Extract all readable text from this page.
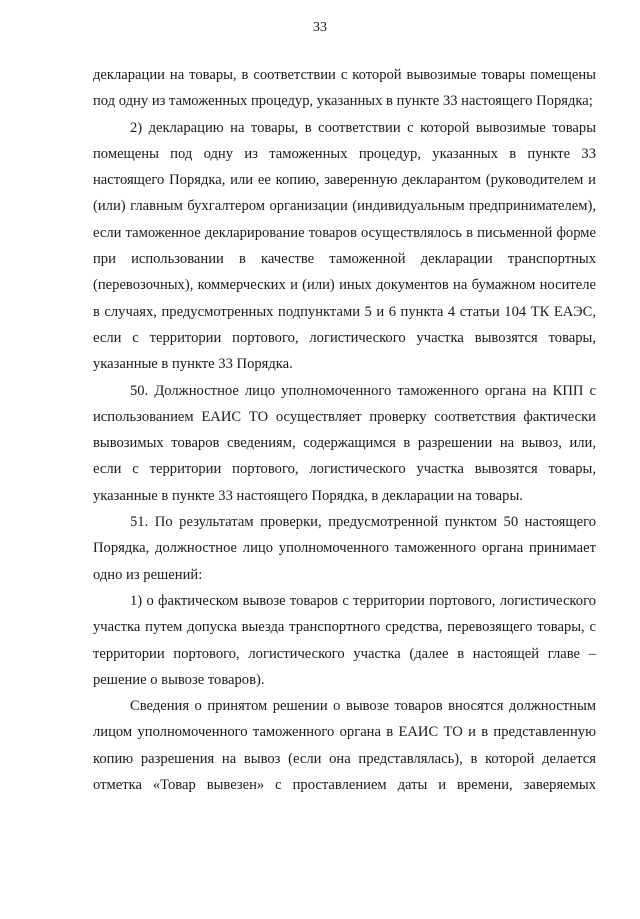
33

декларации на товары, в соответствии с которой вывозимые товары помещены под одну из таможенных процедур, указанных в пункте 33 настоящего Порядка;

2) декларацию на товары, в соответствии с которой вывозимые товары помещены под одну из таможенных процедур, указанных в пункте 33 настоящего Порядка, или ее копию, заверенную декларантом (руководителем и (или) главным бухгалтером организации (индивидуальным предпринимателем), если таможенное декларирование товаров осуществлялось в письменной форме при использовании в качестве таможенной декларации транспортных (перевозочных), коммерческих и (или) иных документов на бумажном носителе в случаях, предусмотренных подпунктами 5 и 6 пункта 4 статьи 104 ТК ЕАЭС, если с территории портового, логистического участка вывозятся товары, указанные в пункте 33 Порядка.

50. Должностное лицо уполномоченного таможенного органа на КПП с использованием ЕАИС ТО осуществляет проверку соответствия фактически вывозимых товаров сведениям, содержащимся в разрешении на вывоз, или, если с территории портового, логистического участка вывозятся товары, указанные в пункте 33 настоящего Порядка, в декларации на товары.

51. По результатам проверки, предусмотренной пунктом 50 настоящего Порядка, должностное лицо уполномоченного таможенного органа принимает одно из решений:

1) о фактическом вывозе товаров с территории портового, логистического участка путем допуска выезда транспортного средства, перевозящего товары, с территории портового, логистического участка (далее в настоящей главе – решение о вывозе товаров).

Сведения о принятом решении о вывозе товаров вносятся должностным лицом уполномоченного таможенного органа в ЕАИС ТО и в представленную копию разрешения на вывоз (если она представлялась), в которой делается отметка «Товар вывезен» с проставлением даты и времени, заверяемых
